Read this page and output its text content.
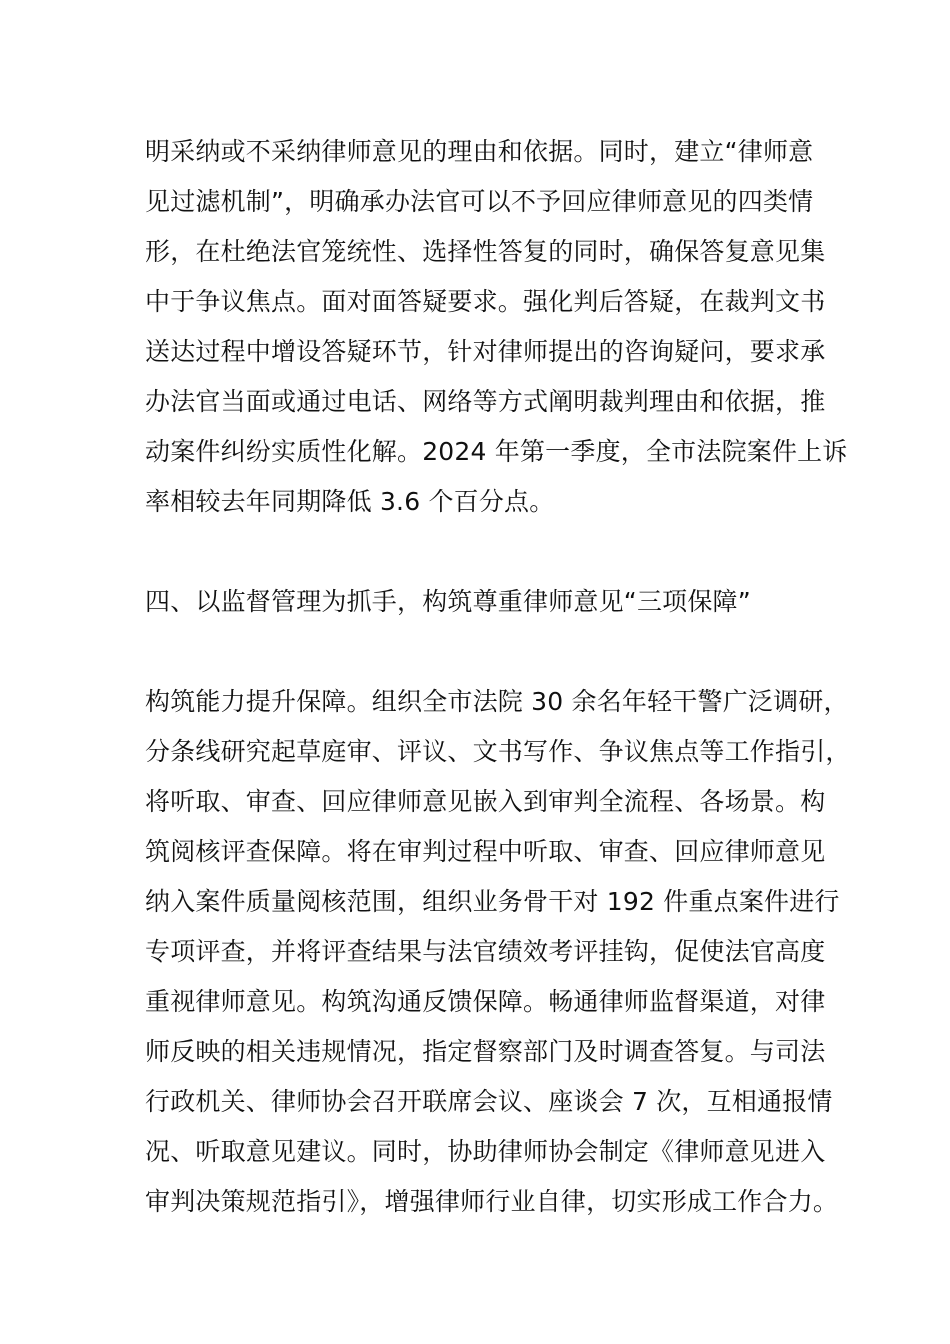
明采纳或不采纳律师意见的理由和依据。同时，建立“律师意
见过滤机制”，明确承办法官可以不予回应律师意见的四类情
形，在杜绝法官笼统性、选择性答复的同时，确保答复意见集
中于争议焦点。面对面答疑要求。强化判后答疑，在裁判文书
送达过程中增设答疑环节，针对律师提出的咨询疑问，要求承
办法官当面或通过电话、网络等方式阐明裁判理由和依据，推
动案件纠纷实质性化解。2024 年第一季度，全市法院案件上诉
率相较去年同期降低 3.6 个百分点。
四、以监督管理为抓手，构筑尊重律师意见“三项保障”
构筑能力提升保障。组织全市法院 30 余名年轻干警广泛调研，
分条线研究起草庭审、评议、文书写作、争议焦点等工作指引，
将听取、审查、回应律师意见嵌入到审判全流程、各场景。构
筑阅核评查保障。将在审判过程中听取、审查、回应律师意见
纳入案件质量阅核范围，组织业务骨干对 192 件重点案件进行
专项评查，并将评查结果与法官绩效考评挂钩，促使法官高度
重视律师意见。构筑沟通反馈保障。畅通律师监督渠道，对律
师反映的相关违规情况，指定督察部门及时调查答复。与司法
行政机关、律师协会召开联席会议、座谈会 7 次，互相通报情
况、听取意见建议。同时，协助律师协会制定《律师意见进入
审判决策规范指引》，增强律师行业自律，切实形成工作合力。
